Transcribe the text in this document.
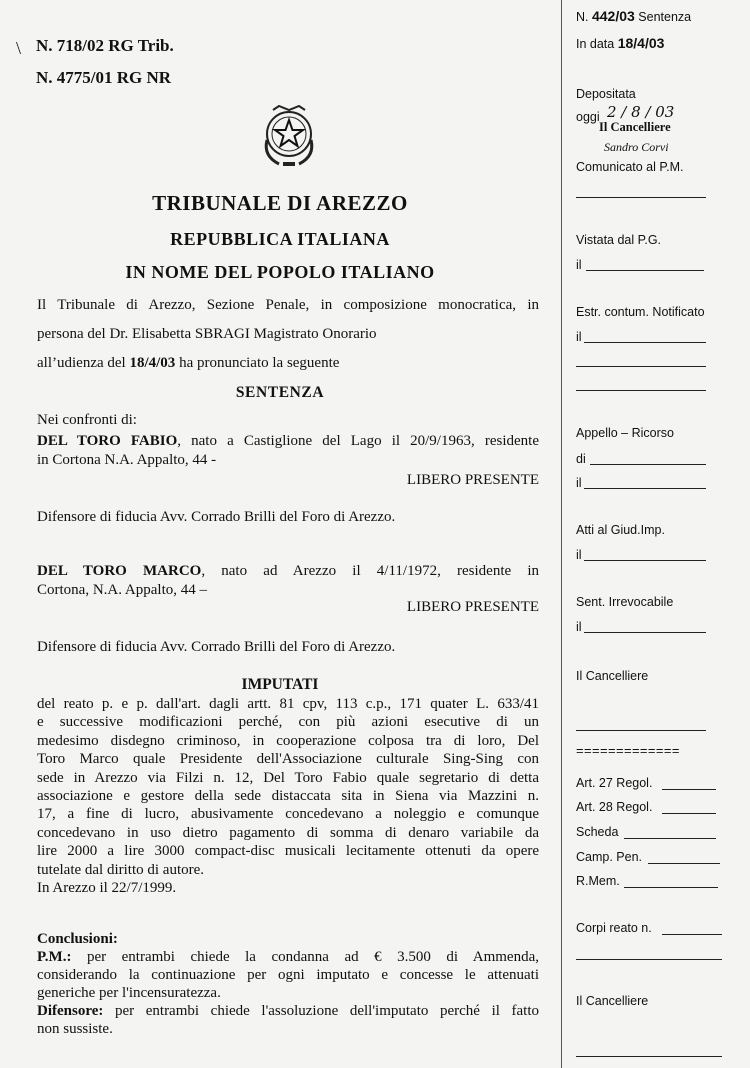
\ N. 718/02 RG Trib.
N. 4775/01 RG NR
TRIBUNALE DI AREZZO
REPUBBLICA ITALIANA
IN NOME DEL POPOLO ITALIANO
Il Tribunale di Arezzo, Sezione Penale, in composizione monocratica, in
persona del Dr. Elisabetta SBRAGI Magistrato Onorario
all’udienza del 18/4/03 ha pronunciato la seguente
SENTENZA
Nei confronti di:
DEL TORO FABIO, nato a Castiglione del Lago il 20/9/1963, residente
in Cortona N.A. Appalto, 44 -
LIBERO PRESENTE
Difensore di fiducia Avv. Corrado Brilli del Foro di Arezzo.
DEL TORO MARCO, nato ad Arezzo il 4/11/1972, residente in
Cortona, N.A. Appalto, 44 –
LIBERO PRESENTE
Difensore di fiducia Avv. Corrado Brilli del Foro di Arezzo.
IMPUTATI
del reato p. e p. dall'art. dagli artt. 81 cpv, 113 c.p., 171 quater L. 633/41
e successive modificazioni perché, con più azioni esecutive di un
medesimo disdegno criminoso, in cooperazione colposa tra di loro, Del
Toro Marco quale Presidente dell'Associazione culturale Sing-Sing con
sede in Arezzo via Filzi n. 12, Del Toro Fabio quale segretario di detta
associazione e gestore della sede distaccata sita in Siena via Mazzini n.
17, a fine di lucro, abusivamente concedevano a noleggio e comunque
concedevano in uso dietro pagamento di somma di denaro variabile da
lire 2000 a lire 3000 compact-disc musicali lecitamente ottenuti da opere
tutelate dal diritto di autore.
In Arezzo il 22/7/1999.
Conclusioni:
P.M.: per entrambi chiede la condanna ad € 3.500 di Ammenda,
considerando la continuazione per ogni imputato e concesse le attenuati
generiche per l'incensuratezza.
Difensore: per entrambi chiede l'assoluzione dell'imputato perché il fatto
non sussiste.
N. 442/03 Sentenza
In data 18/4/03
Depositata
oggi 2 / 8 / 03
Il Cancelliere
Sandro Corvi
Comunicato al P.M.
Vistata dal P.G.
il
Estr. contum. Notificato
il
Appello – Ricorso
di
il
Atti al Giud.Imp.
il
Sent. Irrevocabile
il
Il Cancelliere
=============
Art. 27 Regol.
Art. 28 Regol.
Scheda
Camp. Pen.
R.Mem.
Corpi reato n.
Il Cancelliere
